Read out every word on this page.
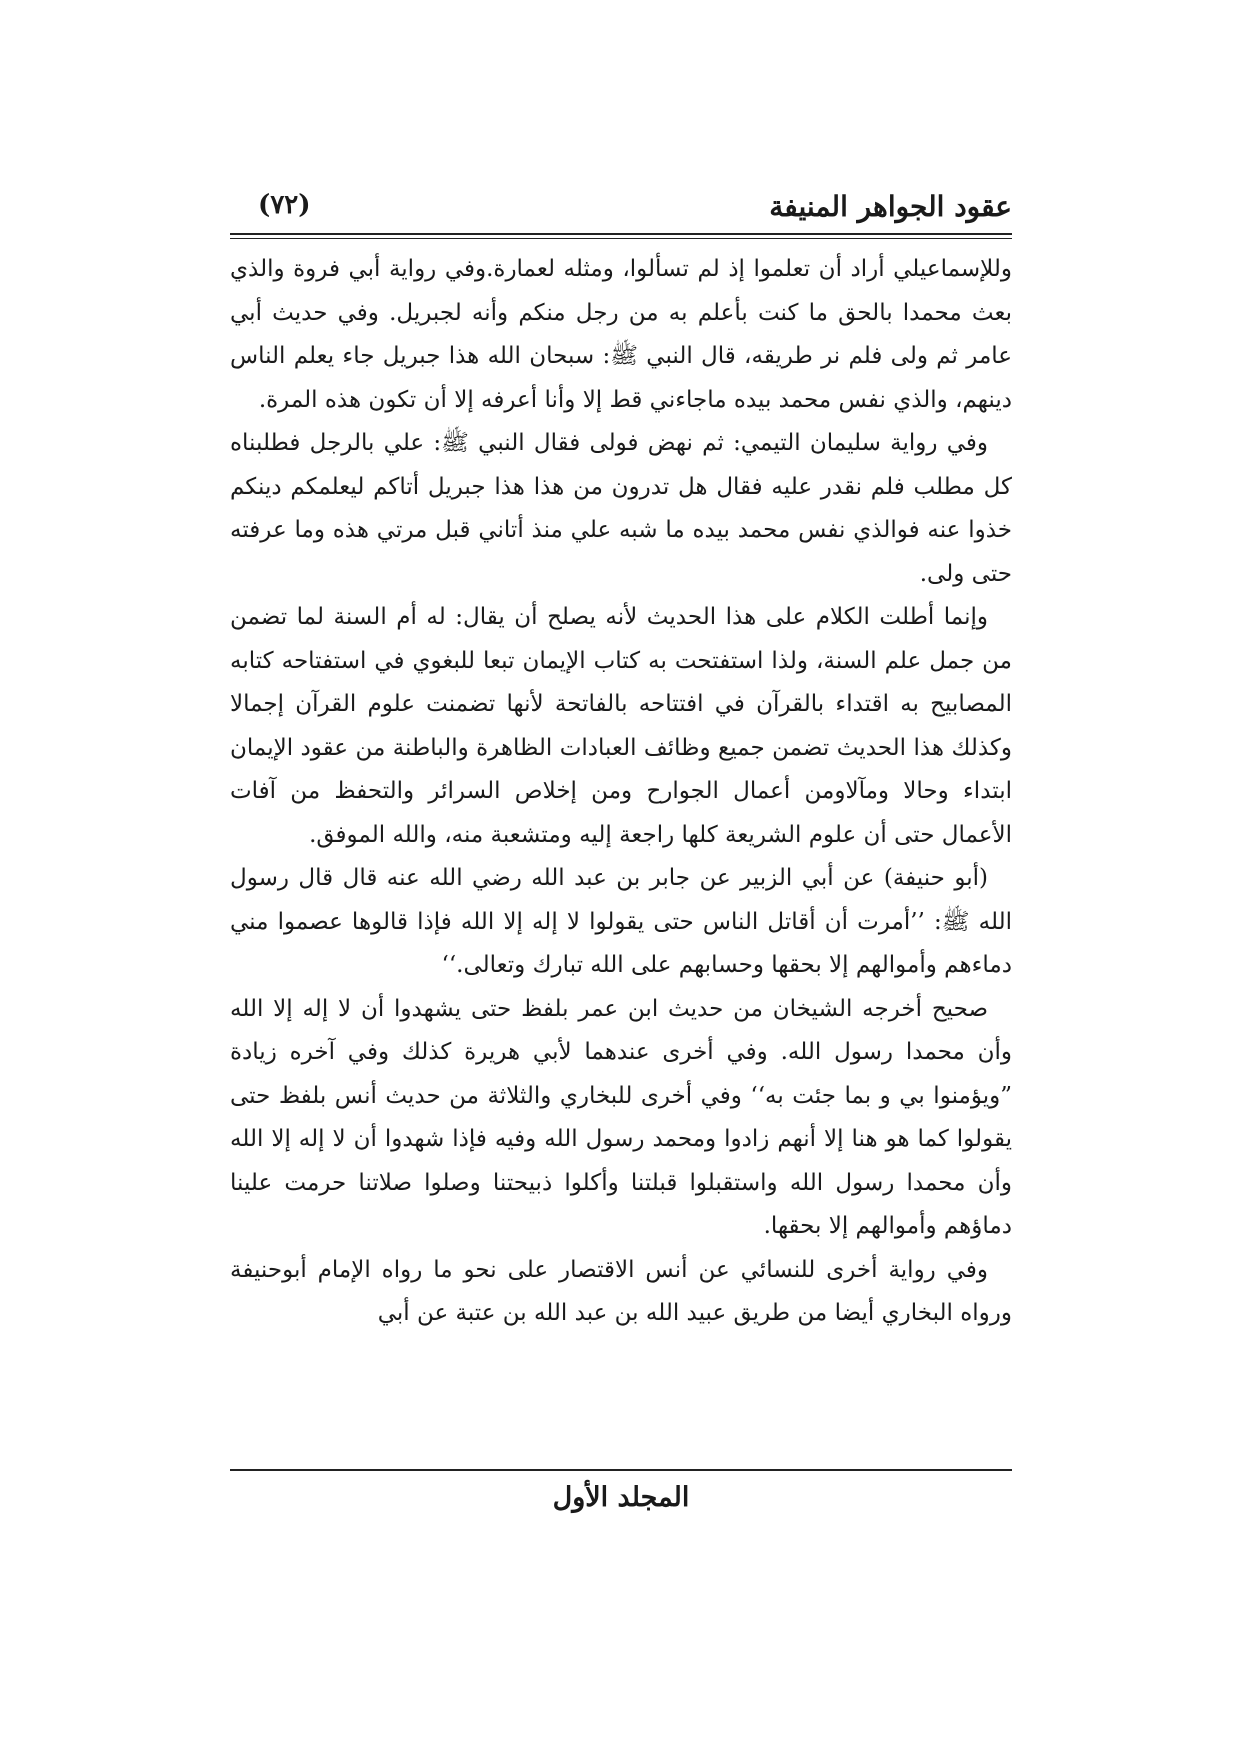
عقود الجواهر المنيفة
(٧٢)

وللإسماعيلي أراد أن تعلموا إذ لم تسألوا، ومثله لعمارة.وفي رواية أبي فروة والذي بعث محمدا بالحق ما كنت بأعلم به من رجل منكم وأنه لجبريل. وفي حديث أبي عامر ثم ولى فلم نر طريقه، قال النبي ﷺ: سبحان الله هذا جبريل جاء يعلم الناس دينهم، والذي نفس محمد بيده ماجاءني قط إلا وأنا أعرفه إلا أن تكون هذه المرة.

وفي رواية سليمان التيمي: ثم نهض فولى فقال النبي ﷺ: علي بالرجل فطلبناه كل مطلب فلم نقدر عليه فقال هل تدرون من هذا هذا جبريل أتاكم ليعلمكم دينكم خذوا عنه فوالذي نفس محمد بيده ما شبه علي منذ أتاني قبل مرتي هذه وما عرفته حتى ولى.

وإنما أطلت الكلام على هذا الحديث لأنه يصلح أن يقال: له أم السنة لما تضمن من جمل علم السنة، ولذا استفتحت به كتاب الإيمان تبعا للبغوي في استفتاحه كتابه المصابيح به اقتداء بالقرآن في افتتاحه بالفاتحة لأنها تضمنت علوم القرآن إجمالا وكذلك هذا الحديث تضمن جميع وظائف العبادات الظاهرة والباطنة من عقود الإيمان ابتداء وحالا ومآلاومن أعمال الجوارح ومن إخلاص السرائر والتحفظ من آفات الأعمال حتى أن علوم الشريعة كلها راجعة إليه ومتشعبة منه، والله الموفق.

(أبو حنيفة) عن أبي الزبير عن جابر بن عبد الله رضي الله عنه قال قال رسول الله ﷺ: ’’أمرت أن أقاتل الناس حتى يقولوا لا إله إلا الله فإذا قالوها عصموا مني دماءهم وأموالهم إلا بحقها وحسابهم على الله تبارك وتعالى.‘‘

صحيح أخرجه الشيخان من حديث ابن عمر بلفظ حتى يشهدوا أن لا إله إلا الله وأن محمدا رسول الله. وفي أخرى عندهما لأبي هريرة كذلك وفي آخره زيادة ”ويؤمنوا بي و بما جئت به‘‘ وفي أخرى للبخاري والثلاثة من حديث أنس بلفظ حتى يقولوا كما هو هنا إلا أنهم زادوا ومحمد رسول الله وفيه فإذا شهدوا أن لا إله إلا الله وأن محمدا رسول الله واستقبلوا قبلتنا وأكلوا ذبيحتنا وصلوا صلاتنا حرمت علينا دماؤهم وأموالهم إلا بحقها.

وفي رواية أخرى للنسائي عن أنس الاقتصار على نحو ما رواه الإمام أبوحنيفة ورواه البخاري أيضا من طريق عبيد الله بن عبد الله بن عتبة عن أبي

المجلد الأول
